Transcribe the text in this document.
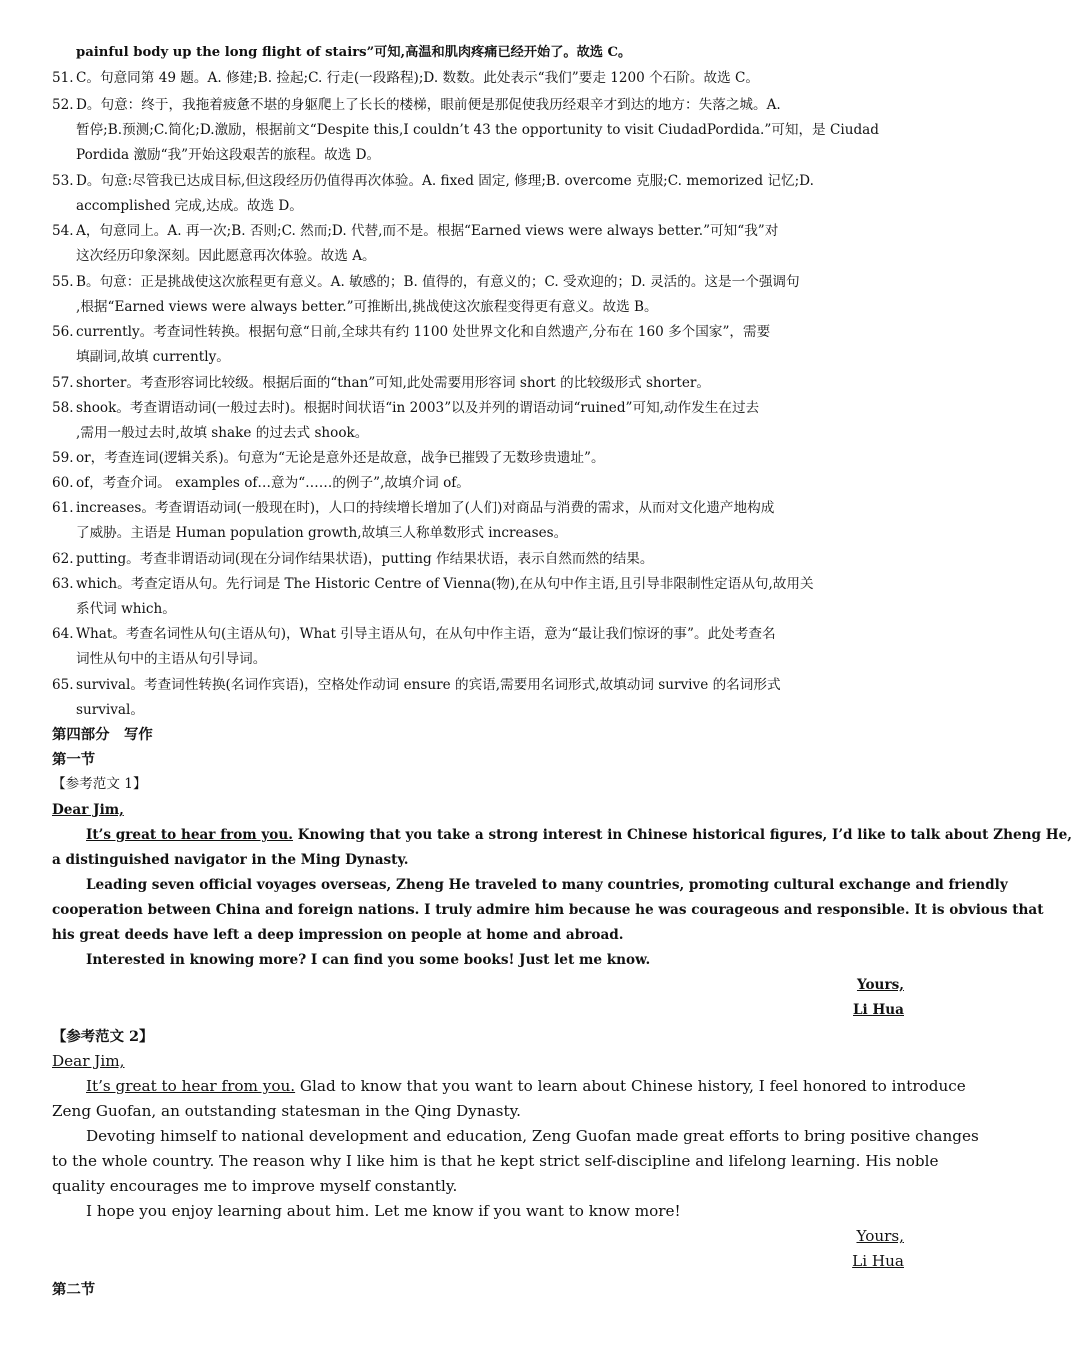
painful body up the long flight of stairs”可知,高温和肌肉疼痛已经开始了。故选 C。
51. C。句意同第 49 题。A. 修建;B. 捡起;C. 行走(一段路程);D. 数数。此处表示“我们”要走 1200 个石阶。故选 C。
52. D。句意：终于，我拖着疲惫不堪的身躯爬上了长长的楼梯，眼前便是那促使我历经艰辛才到达的地方：失落之城。A.
暂停;B.预测;C.简化;D.激励，根据前文“Despite this,I couldn’t 43 the opportunity to visit CiudadPordida.”可知，是 Ciudad
Pordida 激励“我”开始这段艰苦的旅程。故选 D。
53. D。句意:尽管我已达成目标,但这段经历仍值得再次体验。A. fixed 固定, 修理;B. overcome 克服;C. memorized 记忆;D.
accomplished 完成,达成。故选 D。
54. A，句意同上。A. 再一次;B. 否则;C. 然而;D. 代替,而不是。根据“Earned views were always better.”可知“我”对
这次经历印象深刻。因此愿意再次体验。故选 A。
55. B。句意：正是挑战使这次旅程更有意义。A. 敏感的；B. 值得的，有意义的；C. 受欢迎的；D. 灵活的。这是一个强调句
,根据“Earned views were always better.”可推断出,挑战使这次旅程变得更有意义。故选 B。
56. currently。考查词性转换。根据句意“日前,全球共有约 1100 处世界文化和自然遗产,分布在 160 多个国家”，需要
填副词,故填 currently。
57. shorter。考查形容词比较级。根据后面的“than”可知,此处需要用形容词 short 的比较级形式 shorter。
58. shook。考查谓语动词(一般过去时)。根据时间状语“in 2003”以及并列的谓语动词“ruined”可知,动作发生在过去
,需用一般过去时,故填 shake 的过去式 shook。
59. or，考查连词(逻辑关系)。句意为“无论是意外还是故意，战争已摧毁了无数珍贵遗址”。
60. of，考查介词。 examples of…意为“……的例子”,故填介词 of。
61. increases。考查谓语动词(一般现在时)，人口的持续增长增加了(人们)对商品与消费的需求，从而对文化遗产地构成
了威胁。主语是 Human population growth,故填三人称单数形式 increases。
62. putting。考查非谓语动词(现在分词作结果状语)，putting 作结果状语，表示自然而然的结果。
63. which。考查定语从句。先行词是 The Historic Centre of Vienna(物),在从句中作主语,且引导非限制性定语从句,故用关
系代词 which。
64. What。考查名词性从句(主语从句)，What 引导主语从句，在从句中作主语，意为“最让我们惊讶的事”。此处考查名
词性从句中的主语从句引导词。
65. survival。考查词性转换(名词作宾语)，空格处作动词 ensure 的宾语,需要用名词形式,故填动词 survive 的名词形式
survival。
第四部分　写作
第一节
【参考范文 1】
Dear Jim,
It’s great to hear from you. Knowing that you take a strong interest in Chinese historical figures, I’d like to talk about Zheng He,
a distinguished navigator in the Ming Dynasty.
Leading seven official voyages overseas, Zheng He traveled to many countries, promoting cultural exchange and friendly
cooperation between China and foreign nations. I truly admire him because he was courageous and responsible. It is obvious that
his great deeds have left a deep impression on people at home and abroad.
Interested in knowing more? I can find you some books! Just let me know.
Yours,
Li Hua
【参考范文 2】
Dear Jim,
It’s great to hear from you. Glad to know that you want to learn about Chinese history, I feel honored to introduce
Zeng Guofan, an outstanding statesman in the Qing Dynasty.
Devoting himself to national development and education, Zeng Guofan made great efforts to bring positive changes
to the whole country. The reason why I like him is that he kept strict self-discipline and lifelong learning. His noble
quality encourages me to improve myself constantly.
I hope you enjoy learning about him. Let me know if you want to know more!
Yours,
Li Hua
第二节
